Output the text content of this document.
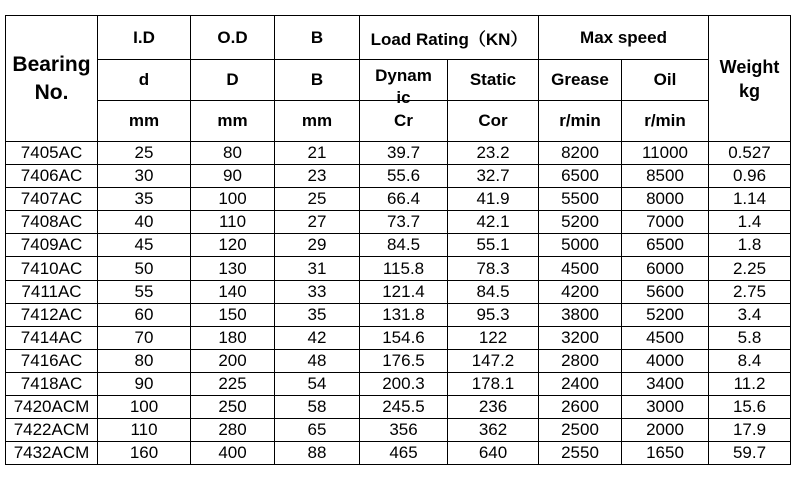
Bearing No.	I.D	O.D	B	Load Rating（KN）		Max speed		Weight kg
	d	D	B	Dynamic	Static	Grease	Oil	
	mm	mm	mm	Cr	Cor	r/min	r/min	
7405AC	25	80	21	39.7	23.2	8200	11000	0.527
7406AC	30	90	23	55.6	32.7	6500	8500	0.96
7407AC	35	100	25	66.4	41.9	5500	8000	1.14
7408AC	40	110	27	73.7	42.1	5200	7000	1.4
7409AC	45	120	29	84.5	55.1	5000	6500	1.8
7410AC	50	130	31	115.8	78.3	4500	6000	2.25
7411AC	55	140	33	121.4	84.5	4200	5600	2.75
7412AC	60	150	35	131.8	95.3	3800	5200	3.4
7414AC	70	180	42	154.6	122	3200	4500	5.8
7416AC	80	200	48	176.5	147.2	2800	4000	8.4
7418AC	90	225	54	200.3	178.1	2400	3400	11.2
7420ACM	100	250	58	245.5	236	2600	3000	15.6
7422ACM	110	280	65	356	362	2500	2000	17.9
7432ACM	160	400	88	465	640	2550	1650	59.7
